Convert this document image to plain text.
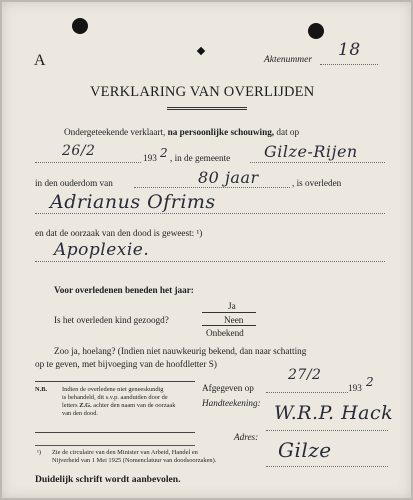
A	Aktenummer 18
VERKLARING VAN OVERLIJDEN
Ondergeteekende verklaart, na persoonlijke schouwing, dat op
26/2	193 2 , in de gemeente Gilze-Rijen
in den ouderdom van	80 jaar	, is overleden
Adrianus Ofrims
en dat de oorzaak van den dood is geweest: ¹)
Apoplexie.
Voor overledenen beneden het jaar:
Ja
Is het overleden kind gezoogd?	Neen
Onbekend
Zoo ja, hoelang? (Indien niet nauwkeurig bekend, dan naar schatting
op te geven, met bijvoeging van de hoofdletter S)
N.B. Indien de overledene niet geneeskundig
is behandeld, dit s.v.p. aanduiden door de
letters Z.G. achter den naam van de oorzaak
van den dood.
Afgegeven op
27/2
193 2
Handteekening: W.R.P. Hack
Adres:
Gilze
¹) Zie de circulaire van den Minister van Arbeid, Handel en
Nijverheid van 1 Mei 1925 (Nomenclatuur van doodsoorzaken).
Duidelijk schrift wordt aanbevolen.
